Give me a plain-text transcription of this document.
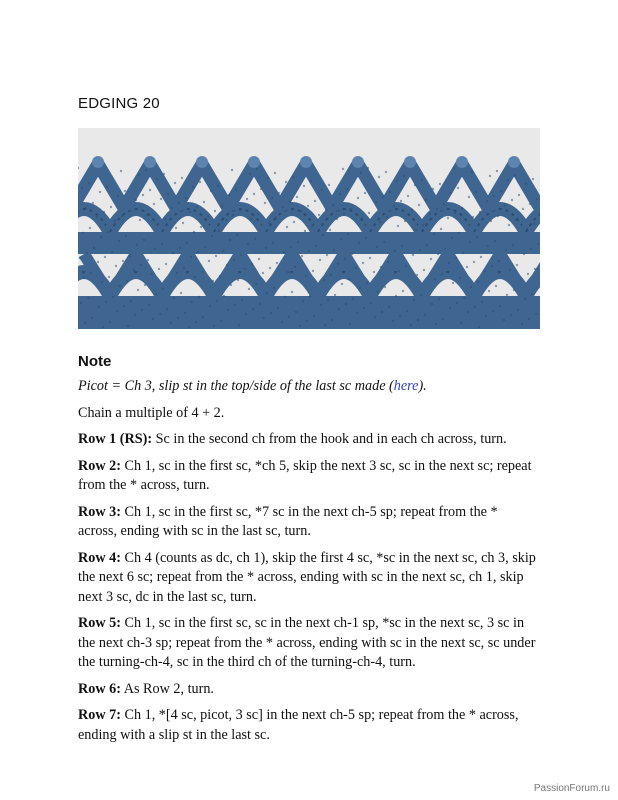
EDGING 20
Note

Picot = Ch 3, slip st in the top/side of the last sc made (here).

Chain a multiple of 4 + 2.

Row 1 (RS): Sc in the second ch from the hook and in each ch across, turn.

Row 2: Ch 1, sc in the first sc, *ch 5, skip the next 3 sc, sc in the next sc; repeat from the * across, turn.

Row 3: Ch 1, sc in the first sc, *7 sc in the next ch-5 sp; repeat from the * across, ending with sc in the last sc, turn.

Row 4: Ch 4 (counts as dc, ch 1), skip the first 4 sc, *sc in the next sc, ch 3, skip the next 6 sc; repeat from the * across, ending with sc in the next sc, ch 1, skip next 3 sc, dc in the last sc, turn.

Row 5: Ch 1, sc in the first sc, sc in the next ch-1 sp, *sc in the next sc, 3 sc in the next ch-3 sp; repeat from the * across, ending with sc in the next sc, sc under the turning-ch-4, sc in the third ch of the turning-ch-4, turn.

Row 6: As Row 2, turn.

Row 7: Ch 1, *[4 sc, picot, 3 sc] in the next ch-5 sp; repeat from the * across, ending with a slip st in the last sc.

PassionForum.ru
